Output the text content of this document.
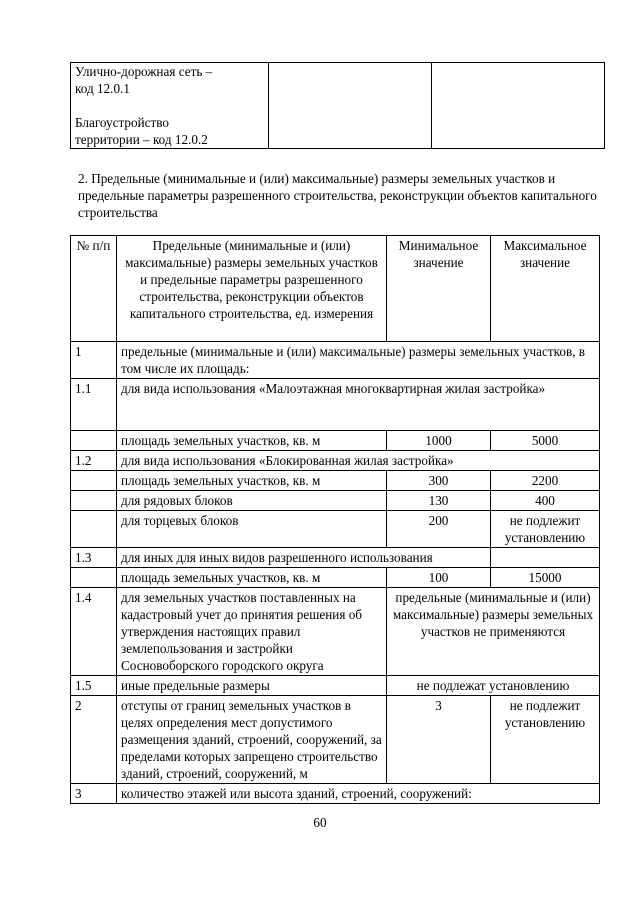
Улично-дорожная сеть –
код 12.0.1
Благоустройство
территории – код 12.0.2

2. Предельные (минимальные и (или) максимальные) размеры земельных участков и предельные параметры разрешенного строительства, реконструкции объектов капитального строительства
№ п/п	Предельные (минимальные и (или) максимальные) размеры земельных участков и предельные параметры разрешенного строительства, реконструкции объектов капитального строительства, ед. измерения	Минимальное значение	Максимальное значение
1	предельные (минимальные и (или) максимальные) размеры земельных участков, в том числе их площадь:		
1.1	для вида использования «Малоэтажная многоквартирная жилая застройка»		
	площадь земельных участков, кв. м	1000	5000
1.2	для вида использования «Блокированная жилая застройка»		
	площадь земельных участков, кв. м	300	2200
	для рядовых блоков	130	400
	для торцевых блоков	200	не подлежит установлению
1.3	для иных для иных видов разрешенного использования		
	площадь земельных участков, кв. м	100	15000
1.4	для земельных участков поставленных на кадастровый учет до принятия решения об утверждения настоящих правил землепользования и застройки Сосновоборского городского округа	предельные (минимальные и (или) максимальные) размеры земельных участков не применяются	
1.5	иные предельные размеры	не подлежат установлению	
2	отступы от границ земельных участков в целях определения мест допустимого размещения зданий, строений, сооружений, за пределами которых запрещено строительство зданий, строений, сооружений, м	3	не подлежит установлению
3	количество этажей или высота зданий, строений, сооружений:		
60
